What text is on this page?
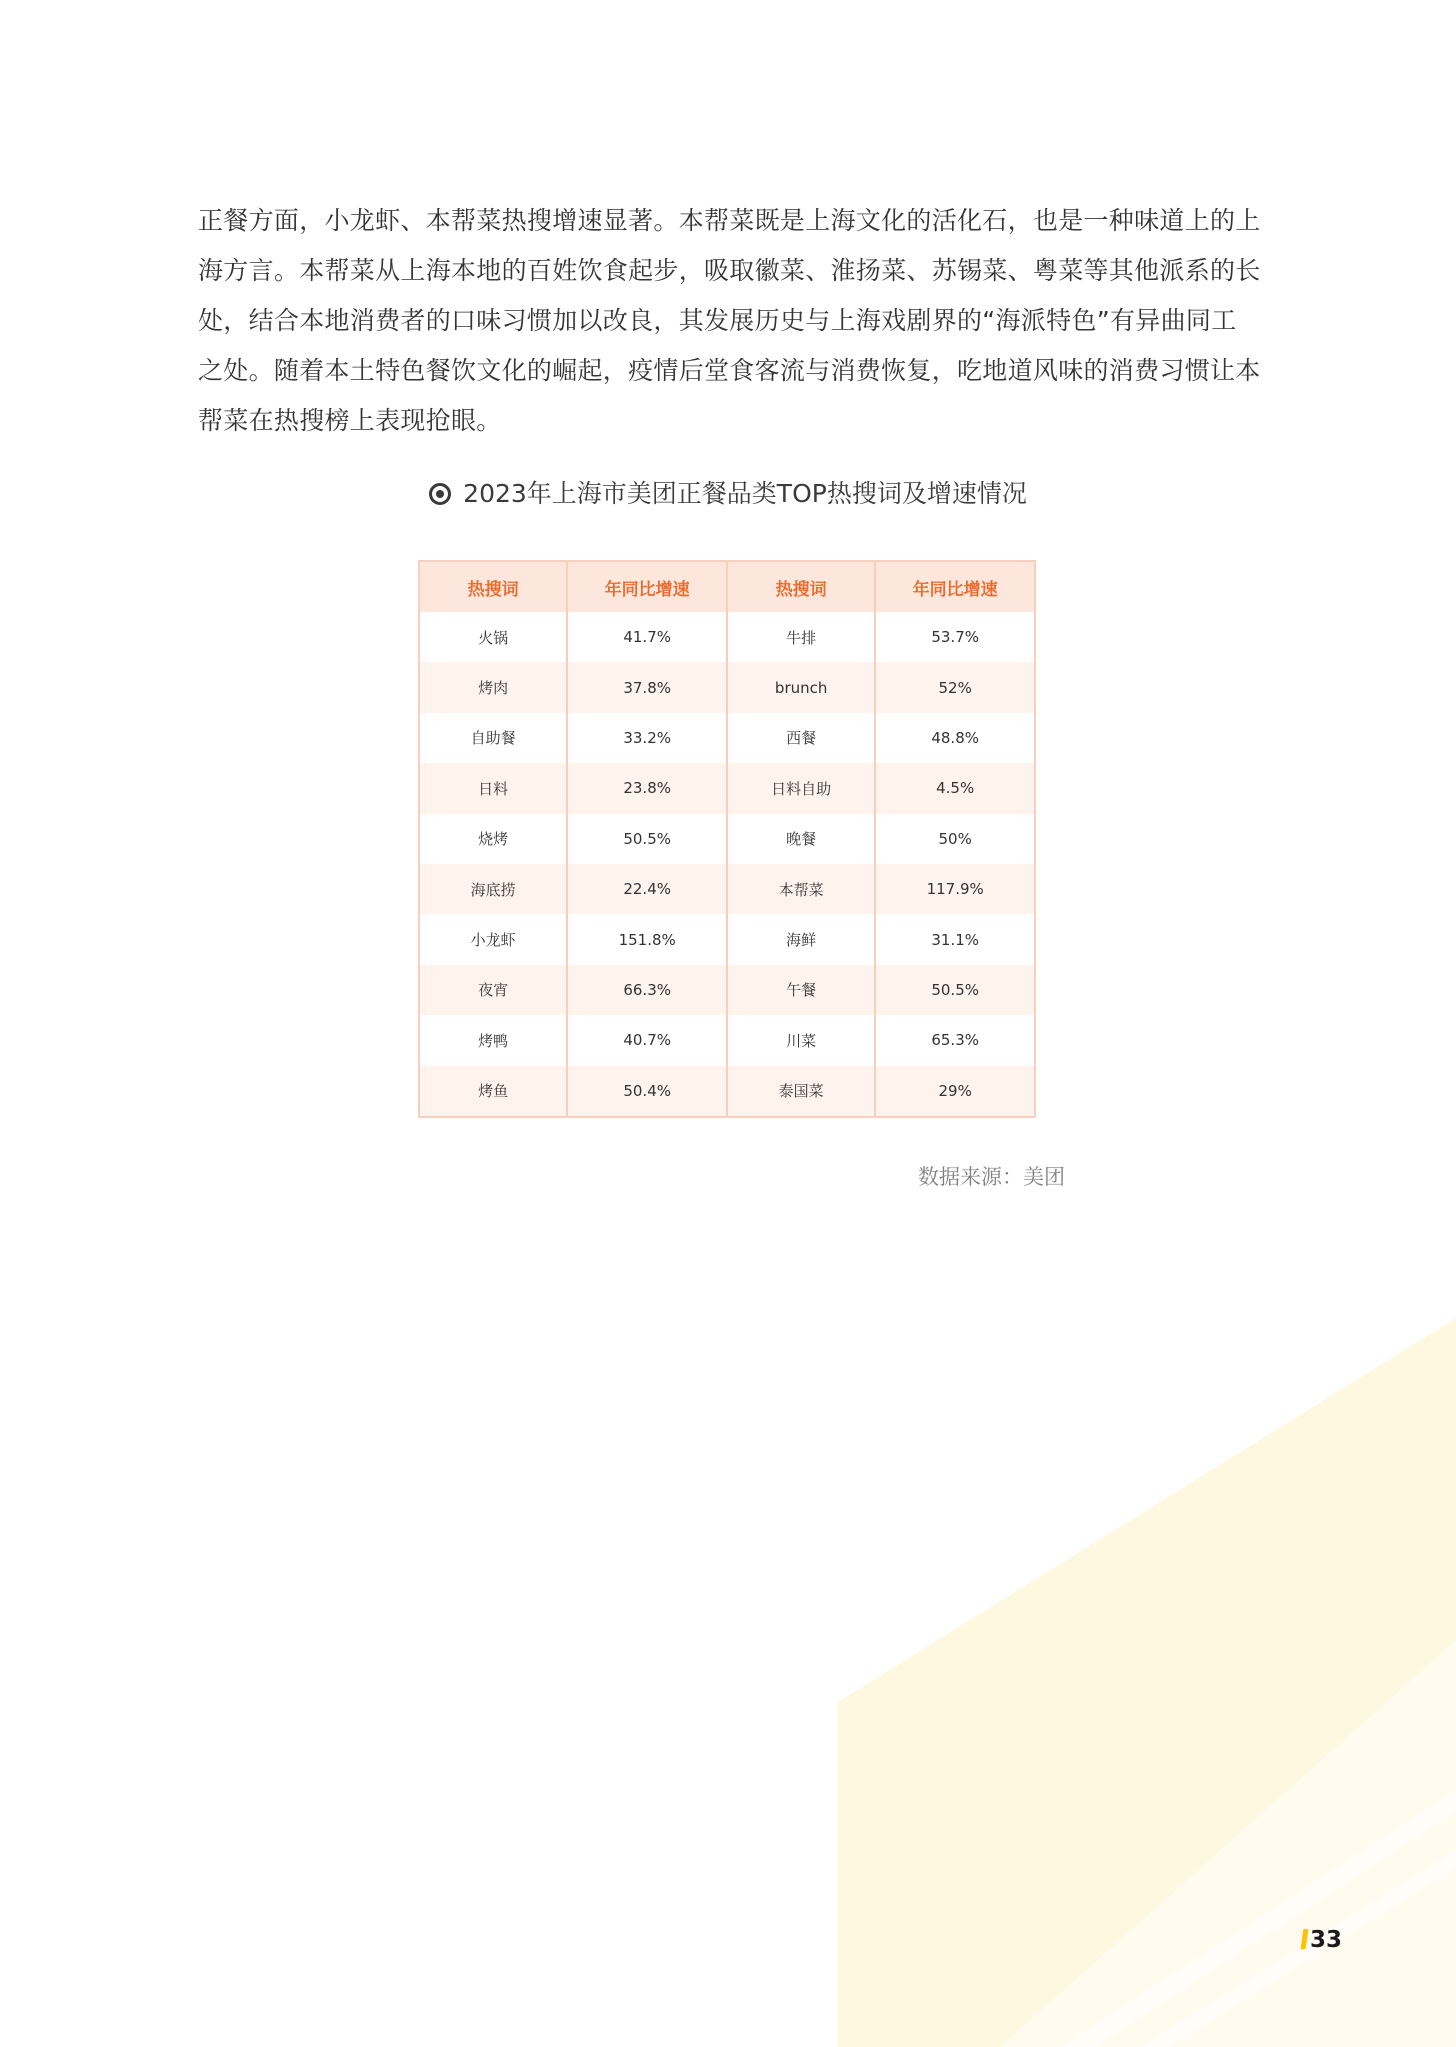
正餐方面，小龙虾、本帮菜热搜增速显著。本帮菜既是上海文化的活化石，也是一种味道上的上
海方言。本帮菜从上海本地的百姓饮食起步，吸取徽菜、淮扬菜、苏锡菜、粤菜等其他派系的长
处，结合本地消费者的口味习惯加以改良，其发展历史与上海戏剧界的“海派特色”有异曲同工
之处。随着本土特色餐饮文化的崛起，疫情后堂食客流与消费恢复，吃地道风味的消费习惯让本
帮菜在热搜榜上表现抢眼。
2023年上海市美团正餐品类TOP热搜词及增速情况
热搜词	年同比增速	热搜词	年同比增速
火锅	41.7%	牛排	53.7%
烤肉	37.8%	brunch	52%
自助餐	33.2%	西餐	48.8%
日料	23.8%	日料自助	4.5%
烧烤	50.5%	晚餐	50%
海底捞	22.4%	本帮菜	117.9%
小龙虾	151.8%	海鲜	31.1%
夜宵	66.3%	午餐	50.5%
烤鸭	40.7%	川菜	65.3%
烤鱼	50.4%	泰国菜	29%
数据来源：美团
33
